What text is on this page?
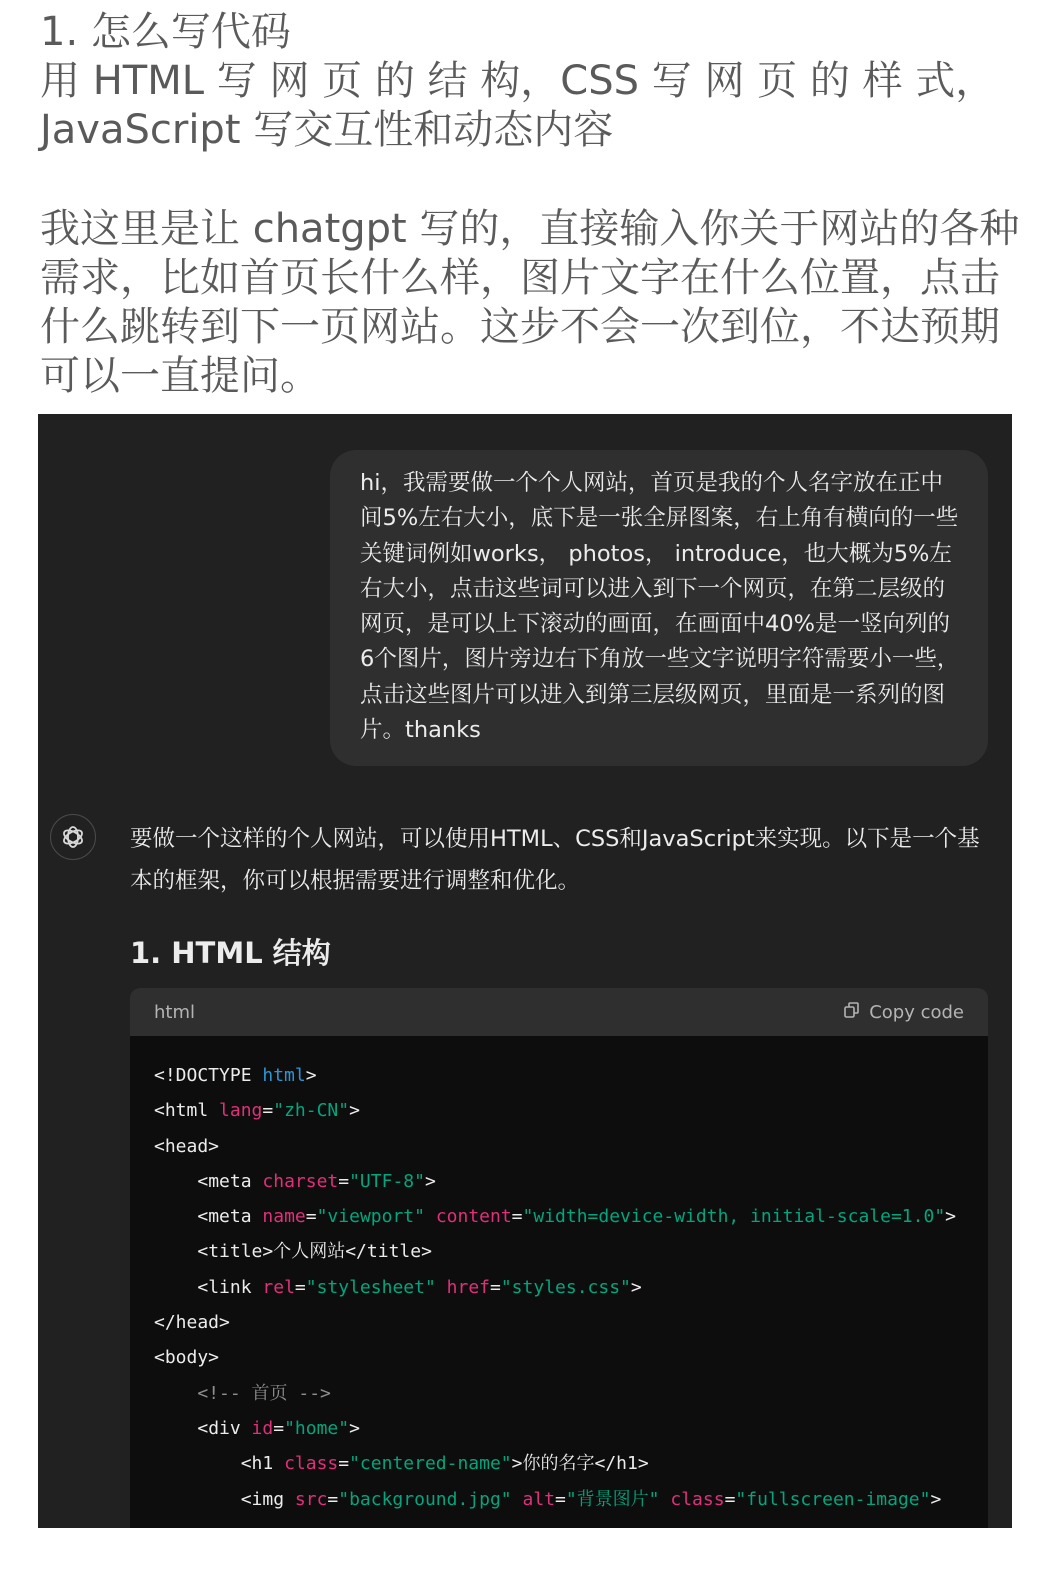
1. 怎么写代码
用 HTML 写 网 页 的 结 构，CSS 写 网 页 的 样 式，
JavaScript 写交互性和动态内容
我这里是让 chatgpt 写的，直接输入你关于网站的各种需求，比如首页长什么样，图片文字在什么位置，点击什么跳转到下一页网站。这步不会一次到位，不达预期可以一直提问。
hi，我需要做一个个人网站，首页是我的个人名字放在正中间5%左右大小，底下是一张全屏图案，右上角有横向的一些关键词例如works， photos， introduce，也大概为5%左右大小，点击这些词可以进入到下一个网页，在第二层级的网页，是可以上下滚动的画面，在画面中40%是一竖向列的6个图片，图片旁边右下角放一些文字说明字符需要小一些，点击这些图片可以进入到第三层级网页，里面是一系列的图片。thanks
要做一个这样的个人网站，可以使用HTML、CSS和JavaScript来实现。以下是一个基本的框架，你可以根据需要进行调整和优化。
1. HTML 结构
html	Copy code
<!DOCTYPE html>
<html lang="zh-CN">
<head>
<meta charset="UTF-8">
<meta name="viewport" content="width=device-width, initial-scale=1.0">
<title>个人网站</title>
<link rel="stylesheet" href="styles.css">
</head>
<body>
<!-- 首页 -->
<div id="home">
<h1 class="centered-name">你的名字</h1>
<img src="background.jpg" alt="背景图片" class="fullscreen-image">
